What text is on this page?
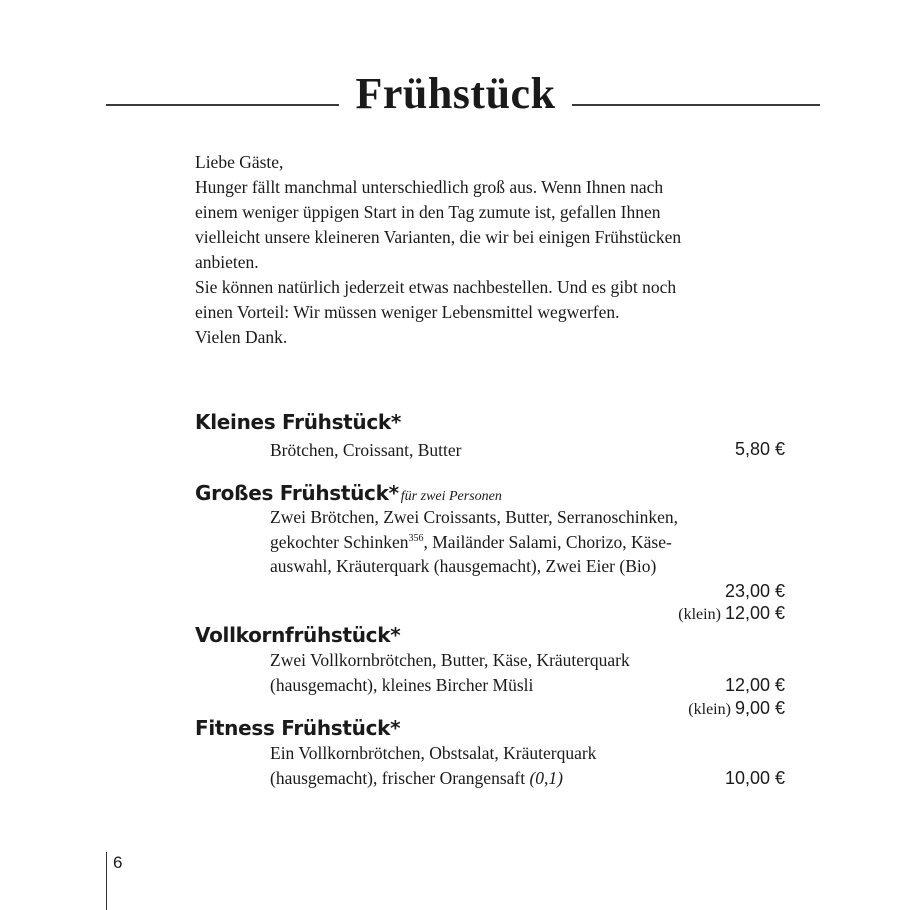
Frühstück
Liebe Gäste,
Hunger fällt manchmal unterschiedlich groß aus. Wenn Ihnen nach
einem weniger üppigen Start in den Tag zumute ist, gefallen Ihnen
vielleicht unsere kleineren Varianten, die wir bei einigen Frühstücken
anbieten.
Sie können natürlich jederzeit etwas nachbestellen. Und es gibt noch
einen Vorteil: Wir müssen weniger Lebensmittel wegwerfen.
Vielen Dank.
Kleines Frühstück*
Brötchen, Croissant, Butter	5,80 €
Großes Frühstück* für zwei Personen
Zwei Brötchen, Zwei Croissants, Butter, Serranoschinken,
gekochter Schinken$^{356}$, Mailänder Salami, Chorizo, Käse-
auswahl, Kräuterquark (hausgemacht), Zwei Eier (Bio)
23,00 €
(klein) 12,00 €
Vollkornfrühstück*
Zwei Vollkornbrötchen, Butter, Käse, Kräuterquark
(hausgemacht), kleines Bircher Müsli	12,00 €
(klein) 9,00 €
Fitness Frühstück*
Ein Vollkornbrötchen, Obstsalat, Kräuterquark
(hausgemacht), frischer Orangensaft (0,1)	10,00 €
6
